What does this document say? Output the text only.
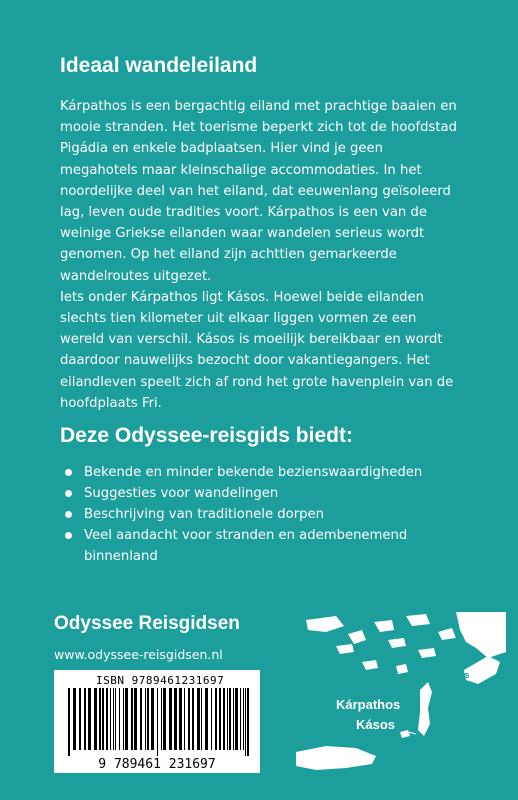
Ideaal wandeleiland

Kárpathos is een bergachtig eiland met prachtige baaien en mooie stranden. Het toerisme beperkt zich tot de hoofdstad Pigádia en enkele badplaatsen. Hier vind je geen megahotels maar kleinschalige accommodaties. In het noordelijke deel van het eiland, dat eeuwenlang geïsoleerd lag, leven oude tradities voort. Kárpathos is een van de weinige Griekse eilanden waar wandelen serieus wordt genomen. Op het eiland zijn achttien gemarkeerde wandelroutes uitgezet.

Iets onder Kárpathos ligt Kásos. Hoewel beide eilanden slechts tien kilometer uit elkaar liggen vormen ze een wereld van verschil. Kásos is moeilijk bereikbaar en wordt daardoor nauwelijks bezocht door vakantiegangers. Het eilandleven speelt zich af rond het grote havenplein van de hoofdplaats Fri.

Deze Odyssee-reisgids biedt:
Bekende en minder bekende bezienswaardigheden
Suggesties voor wandelingen
Beschrijving van traditionele dorpen
Veel aandacht voor stranden en adembenemend binnenland
Odyssee Reisgidsen
www.odyssee-reisgidsen.nl
ISBN 9789461231697
9 789461 231697
Rhodos
Kárpathos
Kásos
Kreta
